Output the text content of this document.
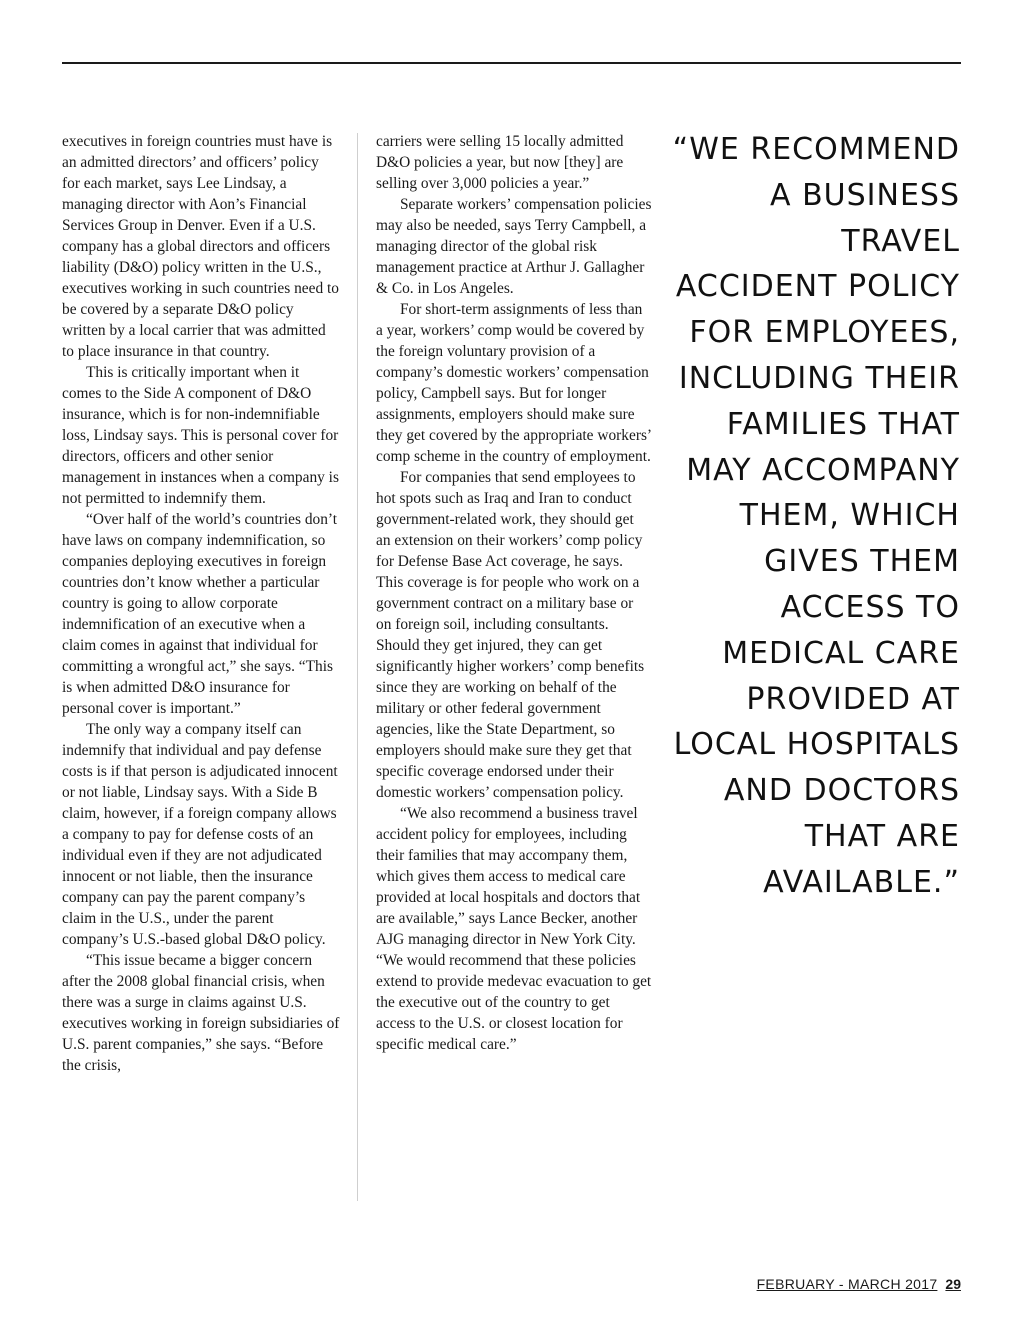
executives in foreign countries must have is an admitted directors’ and officers’ policy for each market, says Lee Lindsay, a managing director with Aon’s Financial Services Group in Denver. Even if a U.S. company has a global directors and officers liability (D&O) policy written in the U.S., executives working in such countries need to be covered by a separate D&O policy written by a local carrier that was admitted to place insurance in that country.

This is critically important when it comes to the Side A component of D&O insurance, which is for non-indemnifiable loss, Lindsay says. This is personal cover for directors, officers and other senior management in instances when a company is not permitted to indemnify them.

“Over half of the world’s countries don’t have laws on company indemnification, so companies deploying executives in foreign countries don’t know whether a particular country is going to allow corporate indemnification of an executive when a claim comes in against that individual for committing a wrongful act,” she says. “This is when admitted D&O insurance for personal cover is important.”

The only way a company itself can indemnify that individual and pay defense costs is if that person is adjudicated innocent or not liable, Lindsay says. With a Side B claim, however, if a foreign company allows a company to pay for defense costs of an individual even if they are not adjudicated innocent or not liable, then the insurance company can pay the parent company’s claim in the U.S., under the parent company’s U.S.-based global D&O policy.

“This issue became a bigger concern after the 2008 global financial crisis, when there was a surge in claims against U.S. executives working in foreign subsidiaries of U.S. parent companies,” she says. “Before the crisis,

carriers were selling 15 locally admitted D&O policies a year, but now [they] are selling over 3,000 policies a year.”

Separate workers’ compensation policies may also be needed, says Terry Campbell, a managing director of the global risk management practice at Arthur J. Gallagher & Co. in Los Angeles.

For short-term assignments of less than a year, workers’ comp would be covered by the foreign voluntary provision of a company’s domestic workers’ compensation policy, Campbell says. But for longer assignments, employers should make sure they get covered by the appropriate workers’ comp scheme in the country of employment.

For companies that send employees to hot spots such as Iraq and Iran to conduct government-related work, they should get an extension on their workers’ comp policy for Defense Base Act coverage, he says. This coverage is for people who work on a government contract on a military base or on foreign soil, including consultants. Should they get injured, they can get significantly higher workers’ comp benefits since they are working on behalf of the military or other federal government agencies, like the State Department, so employers should make sure they get that specific coverage endorsed under their domestic workers’ compensation policy.

“We also recommend a business travel accident policy for employees, including their families that may accompany them, which gives them access to medical care provided at local hospitals and doctors that are available,” says Lance Becker, another AJG managing director in New York City. “We would recommend that these policies extend to provide medevac evacuation to get the executive out of the country to get access to the U.S. or closest location for specific medical care.”

“WE RECOMMEND A BUSINESS TRAVEL ACCIDENT POLICY FOR EMPLOYEES, INCLUDING THEIR FAMILIES THAT MAY ACCOMPANY THEM, WHICH GIVES THEM ACCESS TO MEDICAL CARE PROVIDED AT LOCAL HOSPITALS AND DOCTORS THAT ARE AVAILABLE.”
FEBRUARY - MARCH 2017 29
